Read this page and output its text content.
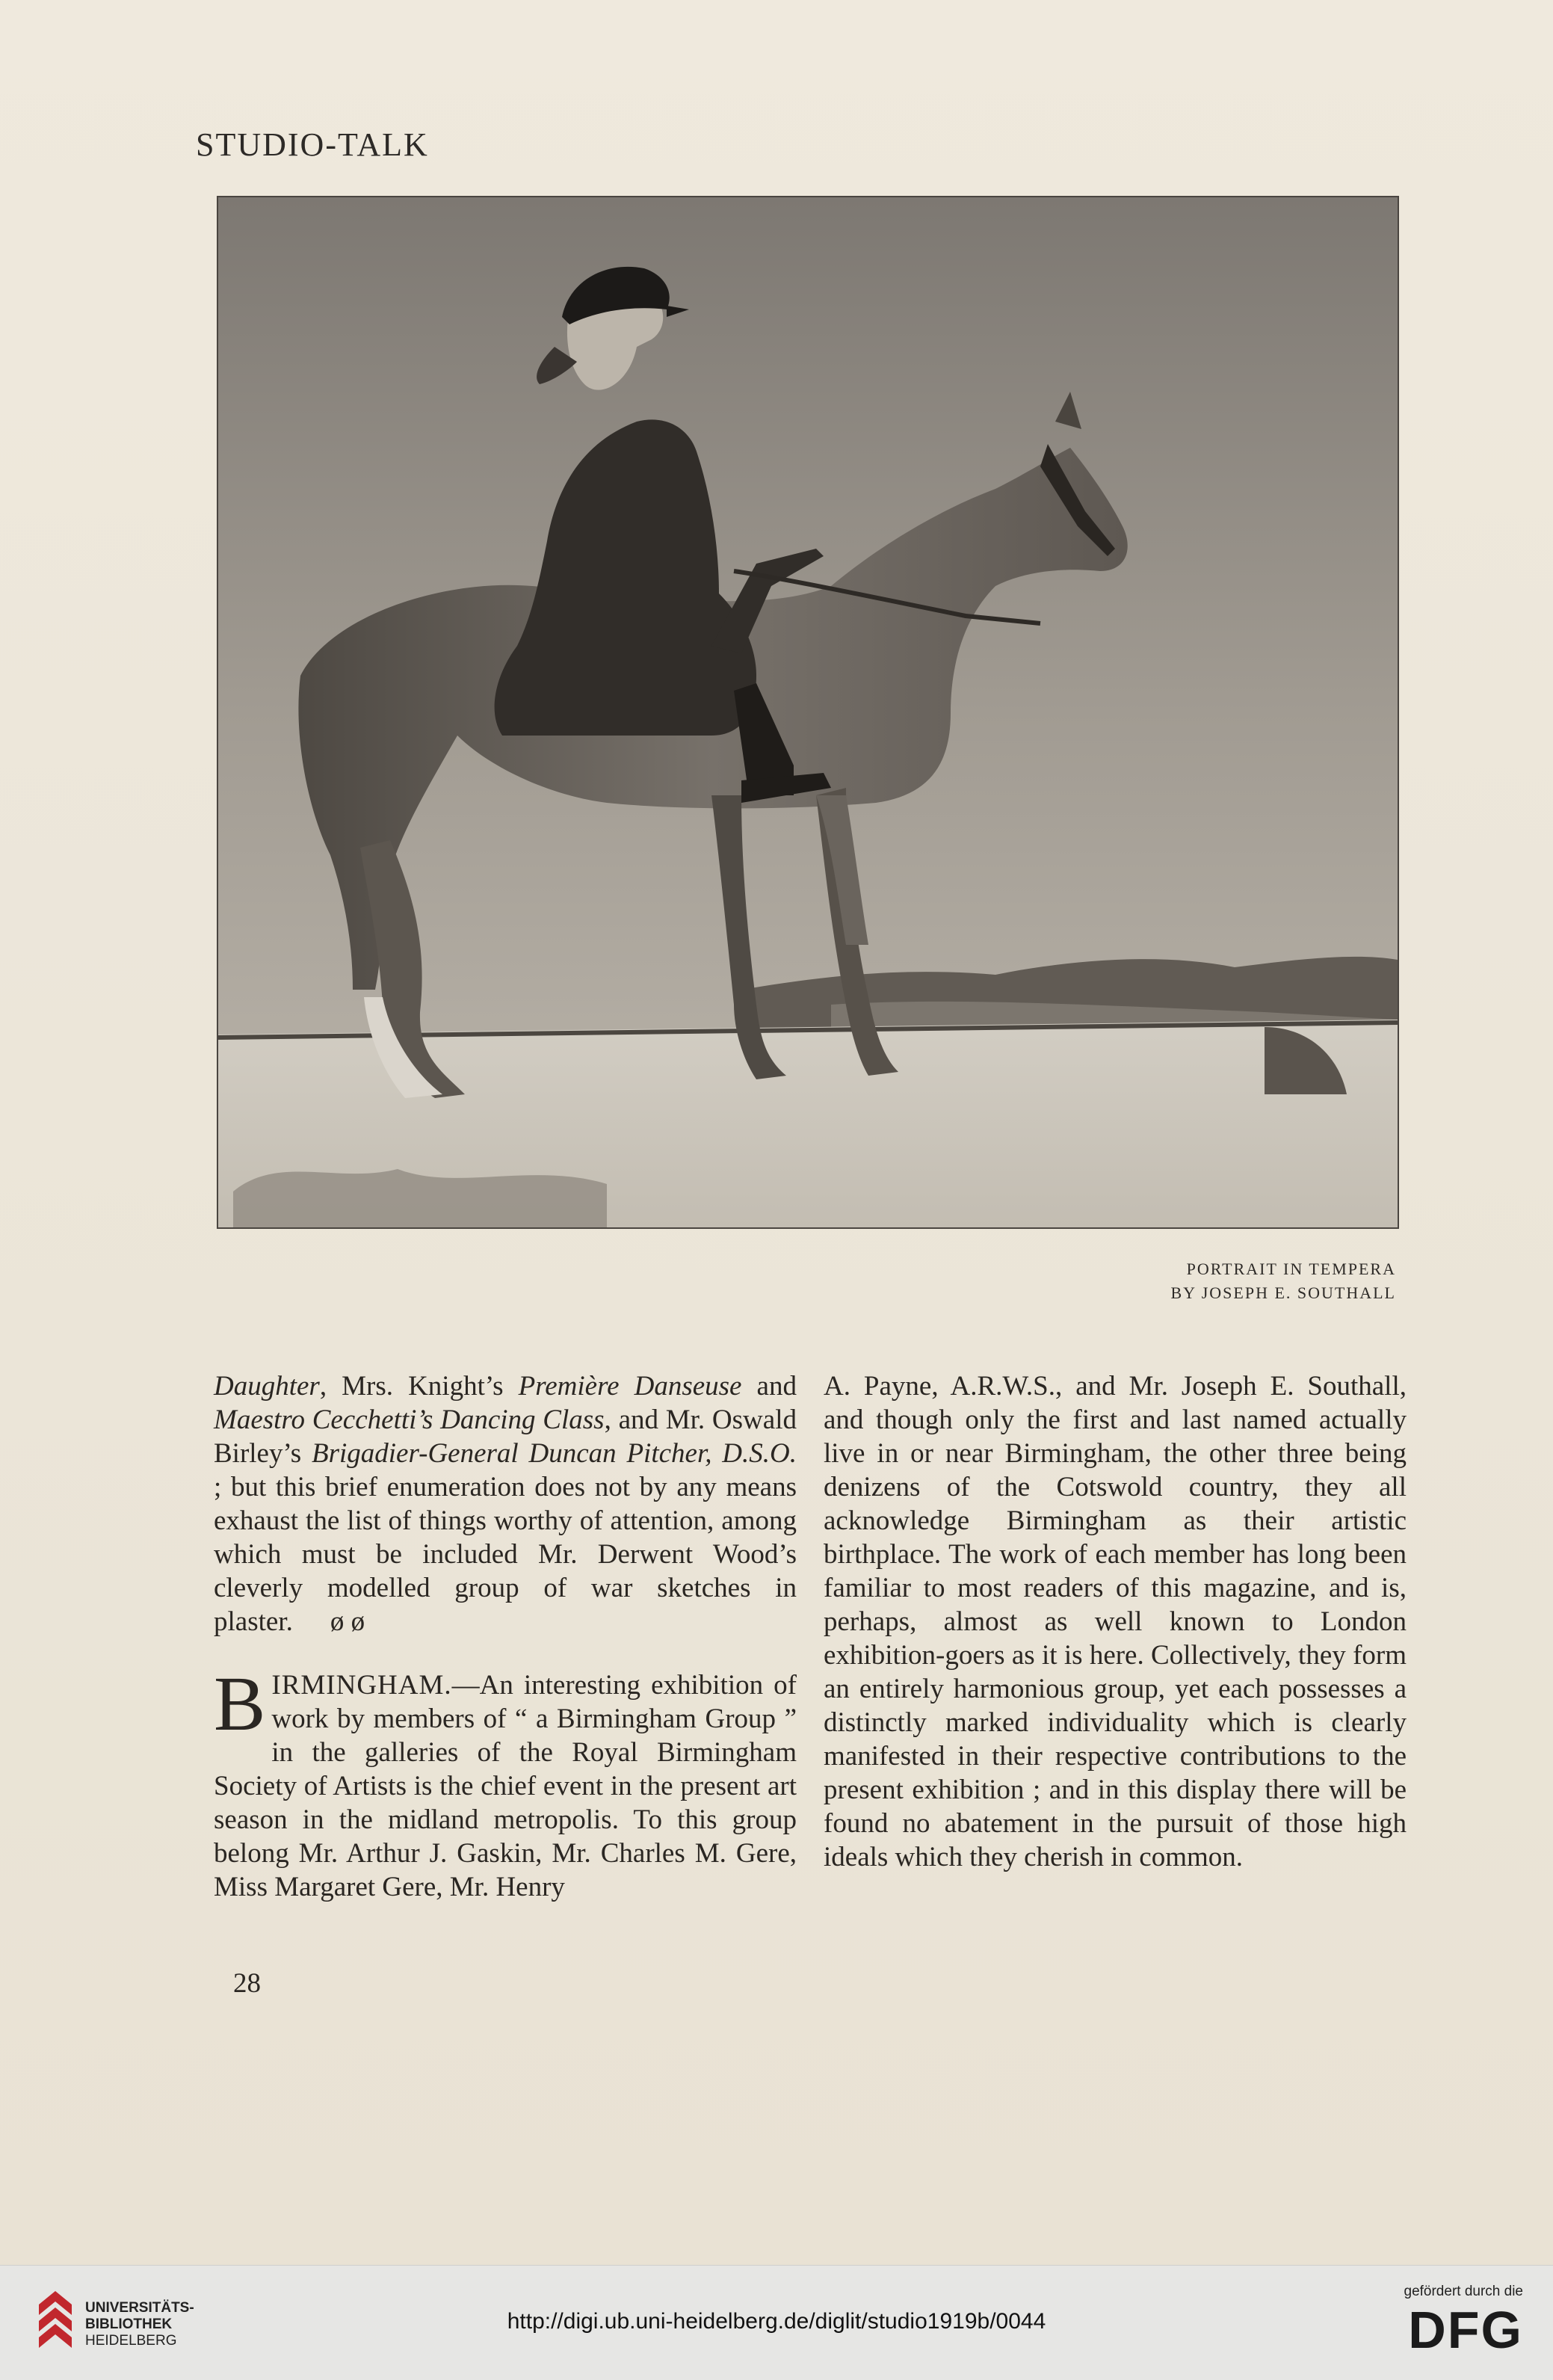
STUDIO-TALK
PORTRAIT IN TEMPERA
BY JOSEPH E. SOUTHALL

Daughter, Mrs. Knight’s Première Danseuse and Maestro Cecchetti’s Dancing Class, and Mr. Oswald Birley’s Brigadier-General Duncan Pitcher, D.S.O. ; but this brief enumeration does not by any means exhaust the list of things worthy of attention, among which must be included Mr. Derwent Wood’s cleverly modelled group of war sketches in plaster. ø ø

BIRMINGHAM.—An interesting exhibition of work by members of “ a Birmingham Group ” in the galleries of the Royal Birmingham Society of Artists is the chief event in the present art season in the midland metropolis. To this group belong Mr. Arthur J. Gaskin, Mr. Charles M. Gere, Miss Margaret Gere, Mr. Henry

A. Payne, A.R.W.S., and Mr. Joseph E. Southall, and though only the first and last named actually live in or near Birmingham, the other three being denizens of the Cotswold country, they all acknowledge Birmingham as their artistic birthplace. The work of each member has long been familiar to most readers of this magazine, and is, perhaps, almost as well known to London exhibition-goers as it is here. Collectively, they form an entirely harmonious group, yet each possesses a distinctly marked individuality which is clearly manifested in their respective contributions to the present exhibition ; and in this display there will be found no abatement in the pursuit of those high ideals which they cherish in common.

28
UNIVERSITÄTS-
BIBLIOTHEK
HEIDELBERG
http://digi.ub.uni-heidelberg.de/diglit/studio1919b/0044
gefördert durch die
DFG
